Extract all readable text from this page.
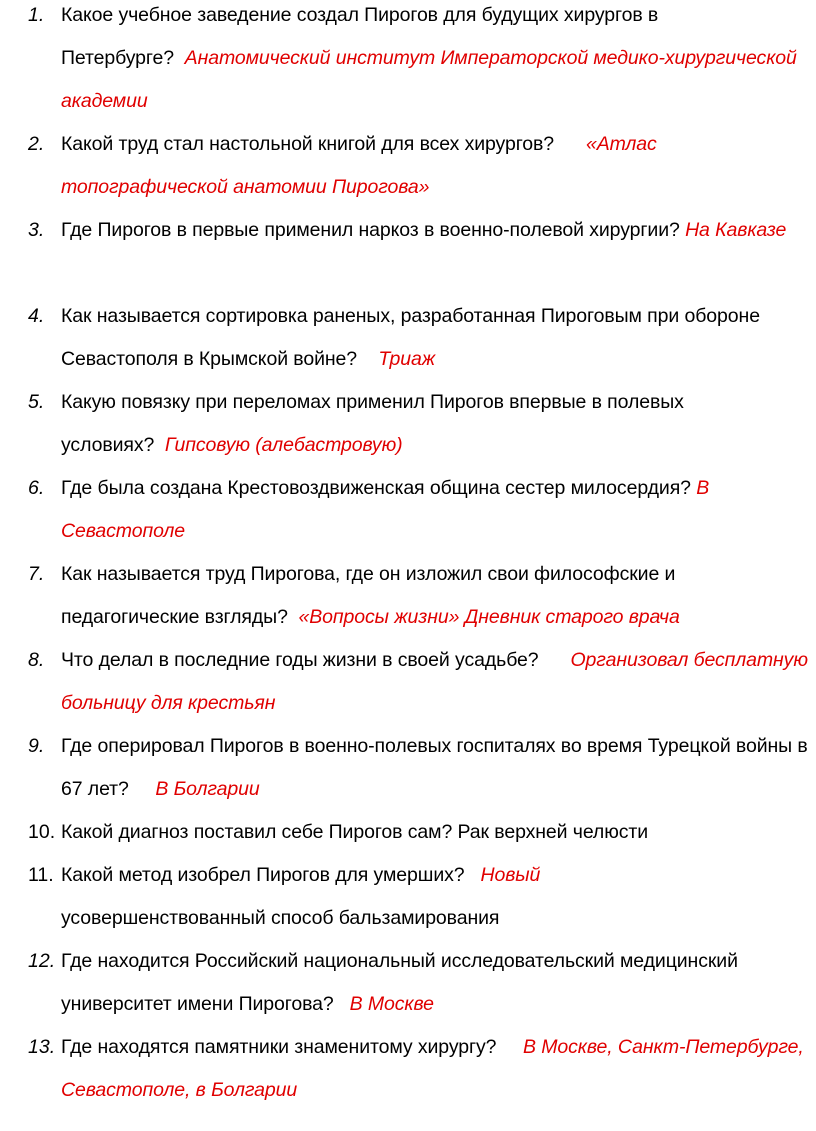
1. Какое учебное заведение создал Пирогов для будущих хирургов в Петербурге? Анатомический институт Императорской медико-хирургической академии
2. Какой труд стал настольной книгой для всех хирургов? «Атлас топографической анатомии Пирогова»
3. Где Пирогов в первые применил наркоз в военно-полевой хирургии? На Кавказе
4. Как называется сортировка раненых, разработанная Пироговым при обороне Севастополя в Крымской войне? Триаж
5. Какую повязку при переломах применил Пирогов впервые в полевых условиях? Гипсовую (алебастровую)
6. Где была создана Крестовоздвиженская община сестер милосердия? В Севастополе
7. Как называется труд Пирогова, где он изложил свои философские и педагогические взгляды? «Вопросы жизни» Дневник старого врача
8. Что делал в последние годы жизни в своей усадьбе? Организовал бесплатную больницу для крестьян
9. Где оперировал Пирогов в военно-полевых госпиталях во время Турецкой войны в 67 лет? В Болгарии
10. Какой диагноз поставил себе Пирогов сам? Рак верхней челюсти
11. Какой метод изобрел Пирогов для умерших? Новый
усовершенствованный способ бальзамирования
12. Где находится Российский национальный исследовательский медицинский университет имени Пирогова? В Москве
13. Где находятся памятники знаменитому хирургу? В Москве, Санкт-Петербурге, Севастополе, в Болгарии
